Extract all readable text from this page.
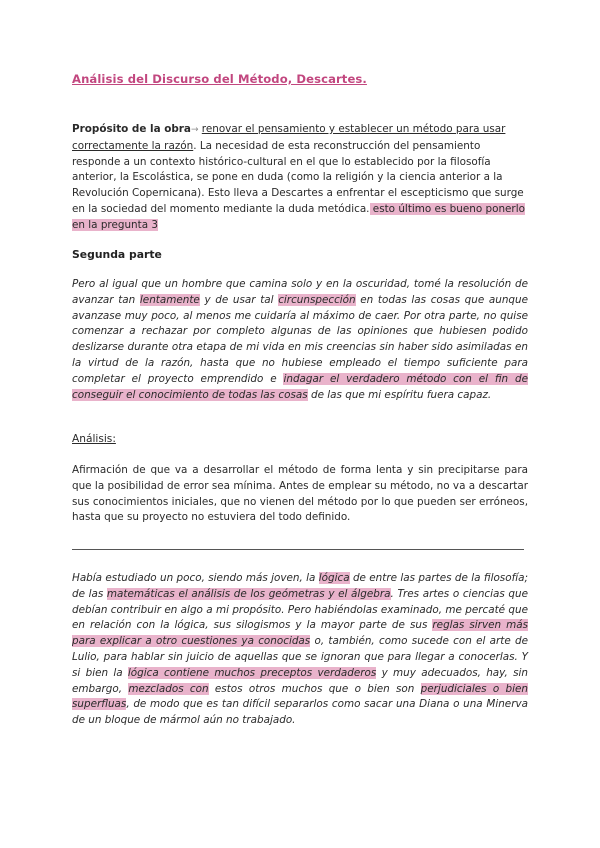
Análisis del Discurso del Método, Descartes.

Propósito de la obra→ renovar el pensamiento y establecer un método para usar correctamente la razón. La necesidad de esta reconstrucción del pensamiento responde a un contexto histórico-cultural en el que lo establecido por la filosofía anterior, la Escolástica, se pone en duda (como la religión y la ciencia anterior a la Revolución Copernicana). Esto lleva a Descartes a enfrentar el escepticismo que surge en la sociedad del momento mediante la duda metódica. esto último es bueno ponerlo en la pregunta 3

Segunda parte

Pero al igual que un hombre que camina solo y en la oscuridad, tomé la resolución de avanzar tan lentamente y de usar tal circunspección en todas las cosas que aunque avanzase muy poco, al menos me cuidaría al máximo de caer. Por otra parte, no quise comenzar a rechazar por completo algunas de las opiniones que hubiesen podido deslizarse durante otra etapa de mi vida en mis creencias sin haber sido asimiladas en la virtud de la razón, hasta que no hubiese empleado el tiempo suficiente para completar el proyecto emprendido e indagar el verdadero método con el fin de conseguir el conocimiento de todas las cosas de las que mi espíritu fuera capaz.

Análisis:

Afirmación de que va a desarrollar el método de forma lenta y sin precipitarse para que la posibilidad de error sea mínima. Antes de emplear su método, no va a descartar sus conocimientos iniciales, que no vienen del método por lo que pueden ser erróneos, hasta que su proyecto no estuviera del todo definido.

Había estudiado un poco, siendo más joven, la lógica de entre las partes de la filosofía; de las matemáticas el análisis de los geómetras y el álgebra. Tres artes o ciencias que debían contribuir en algo a mi propósito. Pero habiéndolas examinado, me percaté que en relación con la lógica, sus silogismos y la mayor parte de sus reglas sirven más para explicar a otro cuestiones ya conocidas o, también, como sucede con el arte de Lulio, para hablar sin juicio de aquellas que se ignoran que para llegar a conocerlas. Y si bien la lógica contiene muchos preceptos verdaderos y muy adecuados, hay, sin embargo, mezclados con estos otros muchos que o bien son perjudiciales o bien superfluas, de modo que es tan difícil separarlos como sacar una Diana o una Minerva de un bloque de mármol aún no trabajado.
